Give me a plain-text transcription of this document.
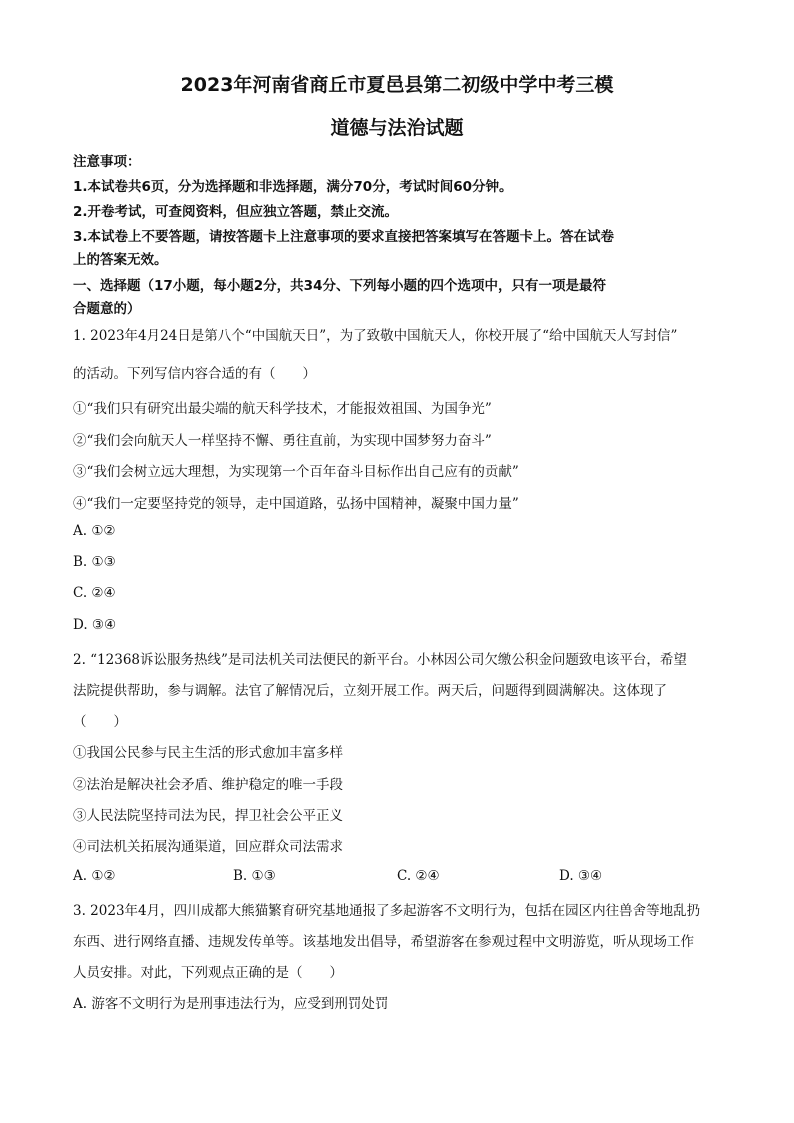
2023年河南省商丘市夏邑县第二初级中学中考三模
道德与法治试题
注意事项：
1.本试卷共6页，分为选择题和非选择题，满分70分，考试时间60分钟。
2.开卷考试，可查阅资料，但应独立答题，禁止交流。
3.本试卷上不要答题，请按答题卡上注意事项的要求直接把答案填写在答题卡上。答在试卷
上的答案无效。
一、选择题（17小题，每小题2分，共34分、下列每小题的四个选项中，只有一项是最符
合题意的）
1. 2023年4月24日是第八个“中国航天日”，为了致敬中国航天人，你校开展了“给中国航天人写封信”
的活动。下列写信内容合适的有（　　）
①“我们只有研究出最尖端的航天科学技术，才能报效祖国、为国争光”
②“我们会向航天人一样坚持不懈、勇往直前，为实现中国梦努力奋斗”
③“我们会树立远大理想，为实现第一个百年奋斗目标作出自己应有的贡献”
④“我们一定要坚持党的领导，走中国道路，弘扬中国精神，凝聚中国力量”
A. ①②
B. ①③
C. ②④
D. ③④
2. “12368诉讼服务热线”是司法机关司法便民的新平台。小林因公司欠缴公积金问题致电该平台，希望
法院提供帮助，参与调解。法官了解情况后，立刻开展工作。两天后，问题得到圆满解决。这体现了
（　　）
①我国公民参与民主生活的形式愈加丰富多样
②法治是解决社会矛盾、维护稳定的唯一手段
③人民法院坚持司法为民，捍卫社会公平正义
④司法机关拓展沟通渠道，回应群众司法需求
A. ①②	B. ①③	C. ②④	D. ③④
3. 2023年4月，四川成都大熊猫繁育研究基地通报了多起游客不文明行为，包括在园区内往兽舍等地乱扔
东西、进行网络直播、违规发传单等。该基地发出倡导，希望游客在参观过程中文明游览，听从现场工作
人员安排。对此，下列观点正确的是（　　）
A. 游客不文明行为是刑事违法行为，应受到刑罚处罚
